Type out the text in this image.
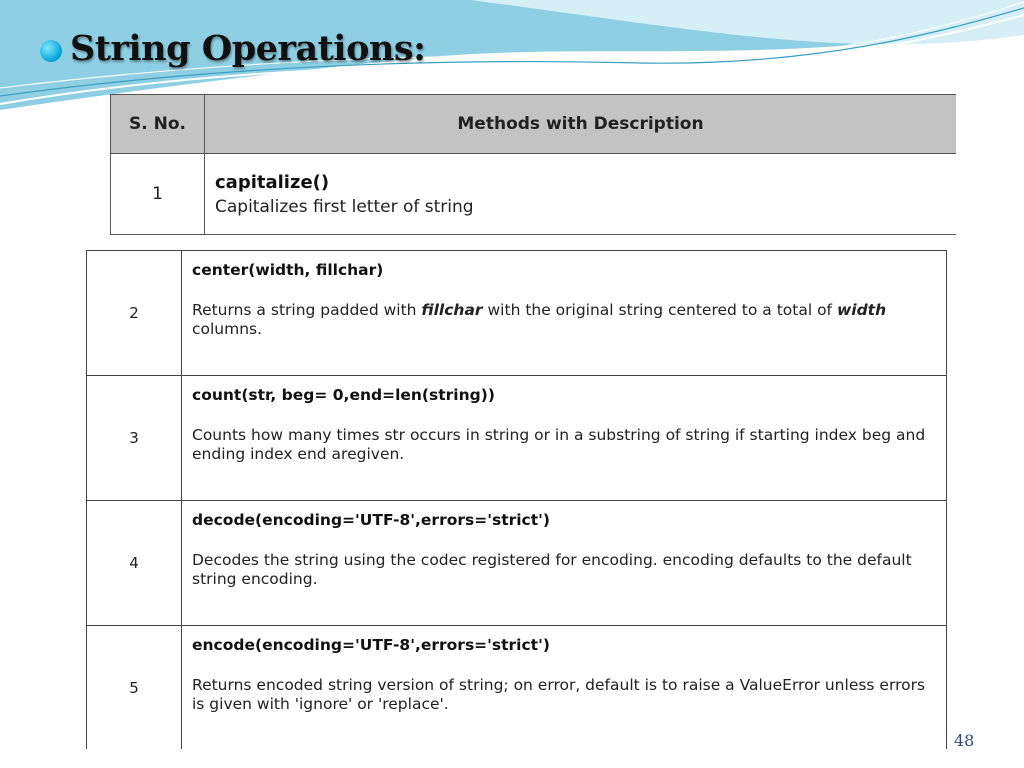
String Operations:
S. No.	Methods with Description
1	capitalize()
Capitalizes first letter of string
2	center(width, fillchar)
Returns a string padded with fillchar with the original string centered to a total of width columns.

3	count(str, beg= 0,end=len(string))
Counts how many times str occurs in string or in a substring of string if starting index beg and ending index end aregiven.

4	decode(encoding='UTF-8',errors='strict')
Decodes the string using the codec registered for encoding. encoding defaults to the default string encoding.

5	encode(encoding='UTF-8',errors='strict')
Returns encoded string version of string; on error, default is to raise a ValueError unless errors is given with 'ignore' or 'replace'.
48
